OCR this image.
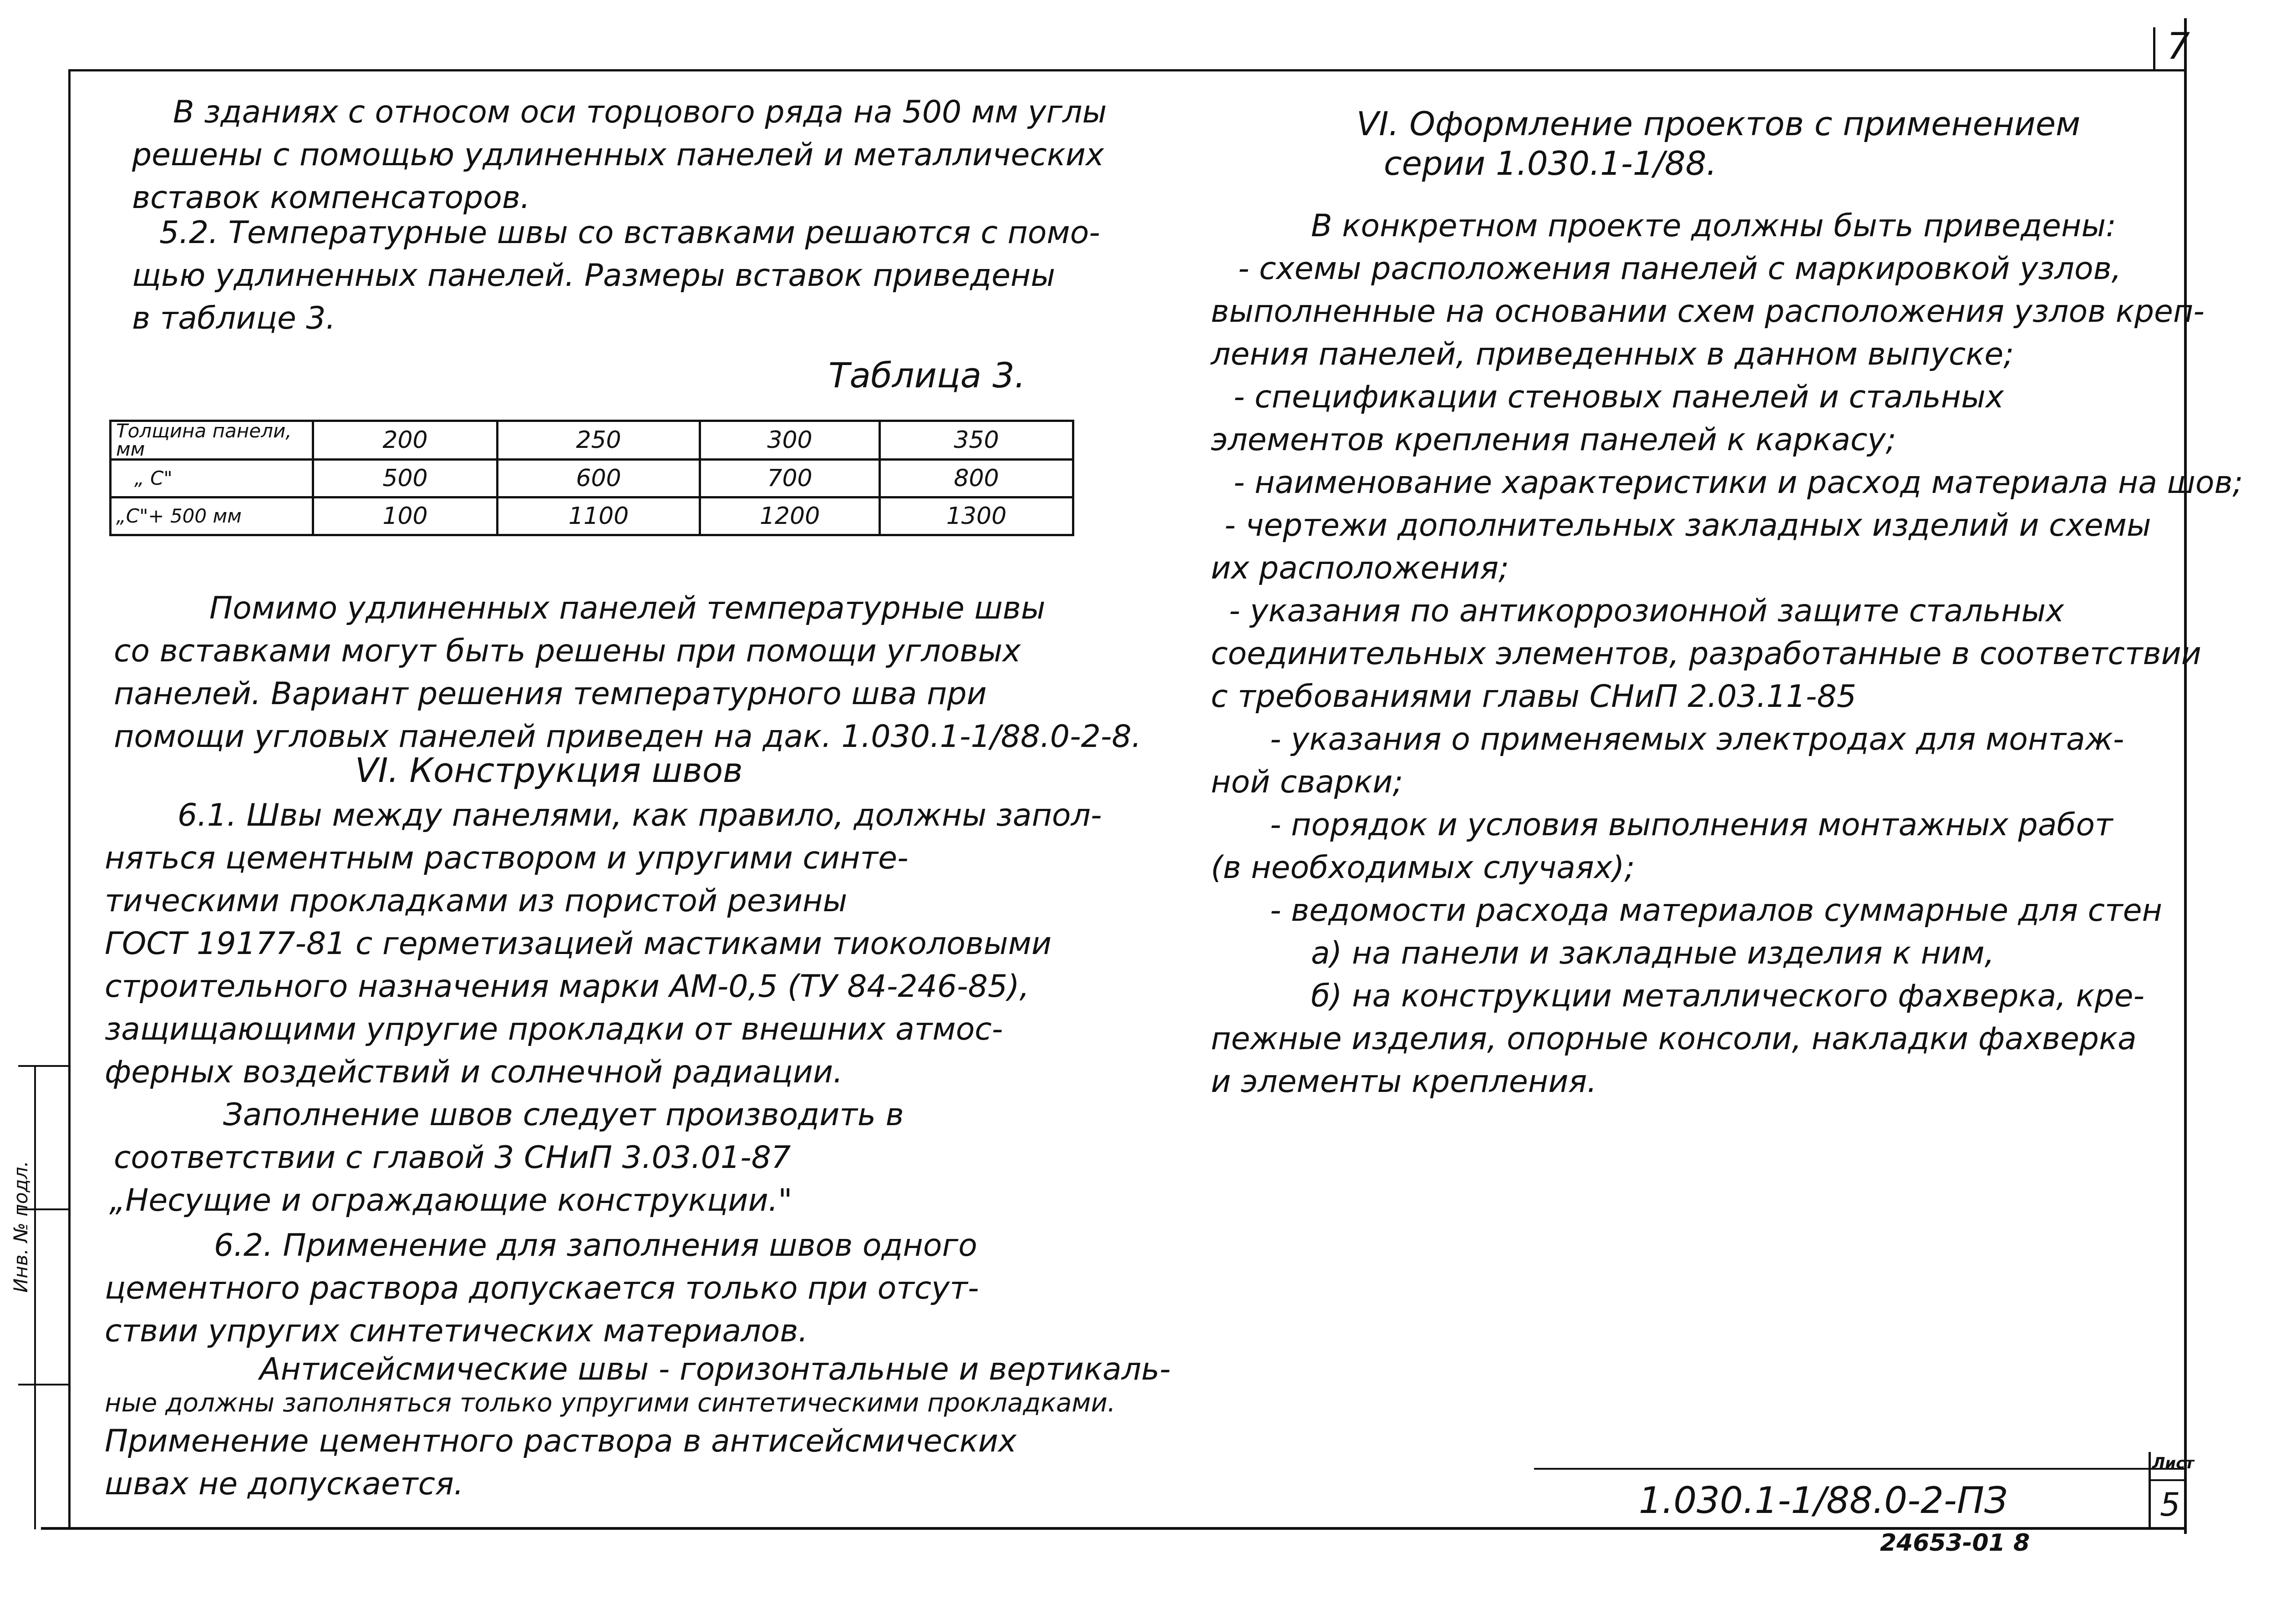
7
Инв. № подл.
В зданиях с относом оси торцового ряда на 500 мм углы
решены с помощью удлиненных панелей и металлических
вставок компенсаторов.
5.2. Температурные швы со вставками решаются с помо-
щью удлиненных панелей. Размеры вставок приведены
в таблице 3.
Таблица 3.
Толщина панели, мм	200	250	300	350
„ С"	500	600	700	800
„С"+ 500 мм	100	1100	1200	1300
Помимо удлиненных панелей температурные швы
со вставками могут быть решены при помощи угловых
панелей. Вариант решения температурного шва при
помощи угловых панелей приведен на дак. 1.030.1-1/88.0-2-8.
VI. Конструкция швов
6.1. Швы между панелями, как правило, должны запол-
няться цементным раствором и упругими синте-
тическими прокладками из пористой резины
ГОСТ 19177-81 с герметизацией мастиками тиоколовыми
строительного назначения марки АМ-0,5 (ТУ 84-246-85),
защищающими упругие прокладки от внешних атмос-
ферных воздействий и солнечной радиации.
Заполнение швов следует производить в
соответствии с главой 3 СНиП 3.03.01-87
„Несущие и ограждающие конструкции."
6.2. Применение для заполнения швов одного
цементного раствора допускается только при отсут-
ствии упругих синтетических материалов.
Антисейсмические швы - горизонтальные и вертикаль-
ные должны заполняться только упругими синтетическими прокладками.
Применение цементного раствора в антисейсмических
швах не допускается.
VI. Оформление проектов с применением
серии 1.030.1-1/88.
В конкретном проекте должны быть приведены:
- схемы расположения панелей с маркировкой узлов,
выполненные на основании схем расположения узлов креп-
ления панелей, приведенных в данном выпуске;
- спецификации стеновых панелей и стальных
элементов крепления панелей к каркасу;
- наименование характеристики и расход материала на шов;
- чертежи дополнительных закладных изделий и схемы
их расположения;
- указания по антикоррозионной защите стальных
соединительных элементов, разработанные в соответствии
с требованиями главы СНиП 2.03.11-85
- указания о применяемых электродах для монтаж-
ной сварки;
- порядок и условия выполнения монтажных работ
(в необходимых случаях);
- ведомости расхода материалов суммарные для стен
а) на панели и закладные изделия к ним,
б) на конструкции металлического фахверка, кре-
пежные изделия, опорные консоли, накладки фахверка
и элементы крепления.
Лист
5
1.030.1-1/88.0-2-ПЗ
24653-01 8
